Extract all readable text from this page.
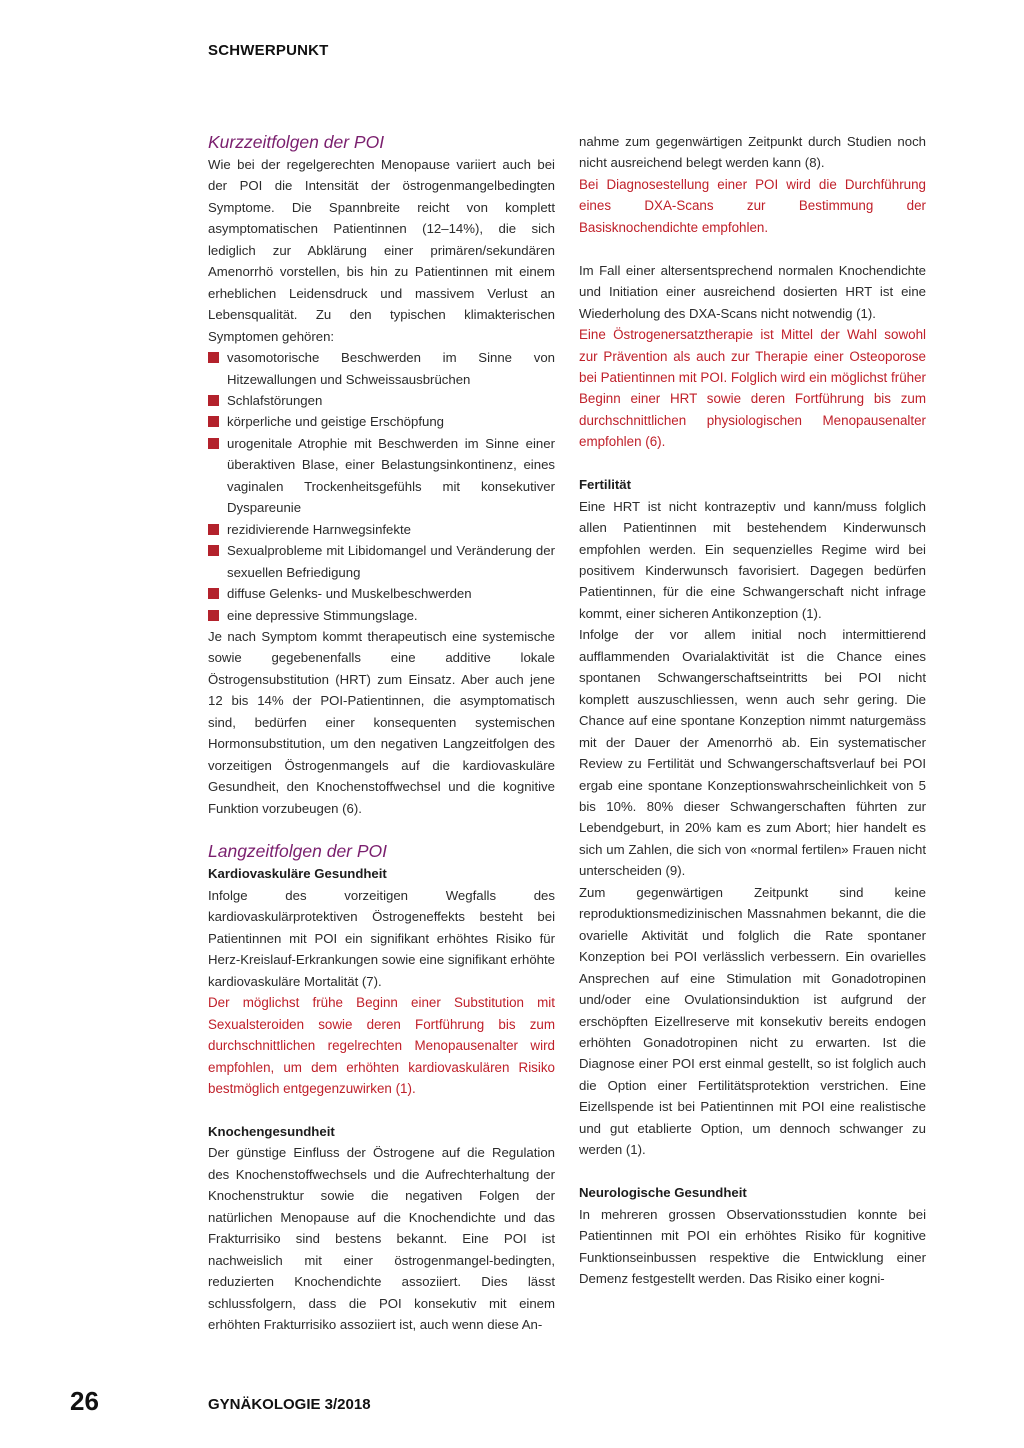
SCHWERPUNKT
Kurzzeitfolgen der POI

Wie bei der regelgerechten Menopause variiert auch bei der POI die Intensität der östrogenmangelbedingten Symptome. Die Spannbreite reicht von komplett asymptomatischen Patientinnen (12–14%), die sich lediglich zur Abklärung einer primären/sekundären Amenorrhö vorstellen, bis hin zu Patientinnen mit einem erheblichen Leidensdruck und massivem Verlust an Lebensqualität. Zu den typischen klimakterischen Symptomen gehören:

vasomotorische Beschwerden im Sinne von Hitzewallungen und Schweissausbrüchen
Schlafstörungen
körperliche und geistige Erschöpfung
urogenitale Atrophie mit Beschwerden im Sinne einer überaktiven Blase, einer Belastungsinkontinenz, eines vaginalen Trockenheitsgefühls mit konsekutiver Dyspareunie
rezidivierende Harnwegsinfekte
Sexualprobleme mit Libidomangel und Veränderung der sexuellen Befriedigung
diffuse Gelenks- und Muskelbeschwerden
eine depressive Stimmungslage.

Je nach Symptom kommt therapeutisch eine systemische sowie gegebenenfalls eine additive lokale Östrogensubstitution (HRT) zum Einsatz. Aber auch jene 12 bis 14% der POI-Patientinnen, die asymptomatisch sind, bedürfen einer konsequenten systemischen Hormonsubstitution, um den negativen Langzeitfolgen des vorzeitigen Östrogenmangels auf die kardiovaskuläre Gesundheit, den Knochenstoffwechsel und die kognitive Funktion vorzubeugen (6).

Langzeitfolgen der POI
Kardiovaskuläre Gesundheit

Infolge des vorzeitigen Wegfalls des kardiovaskulärprotektiven Östrogeneffekts besteht bei Patientinnen mit POI ein signifikant erhöhtes Risiko für Herz-Kreislauf-Erkrankungen sowie eine signifikant erhöhte kardiovaskuläre Mortalität (7).

Der möglichst frühe Beginn einer Substitution mit Sexualsteroiden sowie deren Fortführung bis zum durchschnittlichen regelrechten Menopausenalter wird empfohlen, um dem erhöhten kardiovaskulären Risiko bestmöglich entgegenzuwirken (1).

Knochengesundheit

Der günstige Einfluss der Östrogene auf die Regulation des Knochenstoffwechsels und die Aufrechterhaltung der Knochenstruktur sowie die negativen Folgen der natürlichen Menopause auf die Knochendichte und das Frakturrisiko sind bestens bekannt. Eine POI ist nachweislich mit einer östrogenmangel-bedingten, reduzierten Knochendichte assoziiert. Dies lässt schlussfolgern, dass die POI konsekutiv mit einem erhöhten Frakturrisiko assoziiert ist, auch wenn diese An-

nahme zum gegenwärtigen Zeitpunkt durch Studien noch nicht ausreichend belegt werden kann (8).

Bei Diagnosestellung einer POI wird die Durchführung eines DXA-Scans zur Bestimmung der Basisknochendichte empfohlen.

Im Fall einer altersentsprechend normalen Knochendichte und Initiation einer ausreichend dosierten HRT ist eine Wiederholung des DXA-Scans nicht notwendig (1).

Eine Östrogenersatztherapie ist Mittel der Wahl sowohl zur Prävention als auch zur Therapie einer Osteoporose bei Patientinnen mit POI. Folglich wird ein möglichst früher Beginn einer HRT sowie deren Fortführung bis zum durchschnittlichen physiologischen Menopausenalter empfohlen (6).

Fertilität

Eine HRT ist nicht kontrazeptiv und kann/muss folglich allen Patientinnen mit bestehendem Kinderwunsch empfohlen werden. Ein sequenzielles Regime wird bei positivem Kinderwunsch favorisiert. Dagegen bedürfen Patientinnen, für die eine Schwangerschaft nicht infrage kommt, einer sicheren Antikonzeption (1).

Infolge der vor allem initial noch intermittierend aufflammenden Ovarialaktivität ist die Chance eines spontanen Schwangerschaftseintritts bei POI nicht komplett auszuschliessen, wenn auch sehr gering. Die Chance auf eine spontane Konzeption nimmt naturgemäss mit der Dauer der Amenorrhö ab. Ein systematischer Review zu Fertilität und Schwangerschaftsverlauf bei POI ergab eine spontane Konzeptionswahrscheinlichkeit von 5 bis 10%. 80% dieser Schwangerschaften führten zur Lebendgeburt, in 20% kam es zum Abort; hier handelt es sich um Zahlen, die sich von «normal fertilen» Frauen nicht unterscheiden (9).

Zum gegenwärtigen Zeitpunkt sind keine reproduktionsmedizinischen Massnahmen bekannt, die die ovarielle Aktivität und folglich die Rate spontaner Konzeption bei POI verlässlich verbessern. Ein ovarielles Ansprechen auf eine Stimulation mit Gonadotropinen und/oder eine Ovulationsinduktion ist aufgrund der erschöpften Eizellreserve mit konsekutiv bereits endogen erhöhten Gonadotropinen nicht zu erwarten. Ist die Diagnose einer POI erst einmal gestellt, so ist folglich auch die Option einer Fertilitätsprotektion verstrichen. Eine Eizellspende ist bei Patientinnen mit POI eine realistische und gut etablierte Option, um dennoch schwanger zu werden (1).

Neurologische Gesundheit

In mehreren grossen Observationsstudien konnte bei Patientinnen mit POI ein erhöhtes Risiko für kognitive Funktionseinbussen respektive die Entwicklung einer Demenz festgestellt werden. Das Risiko einer kogni-

26	GYNÄKOLOGIE 3/2018
